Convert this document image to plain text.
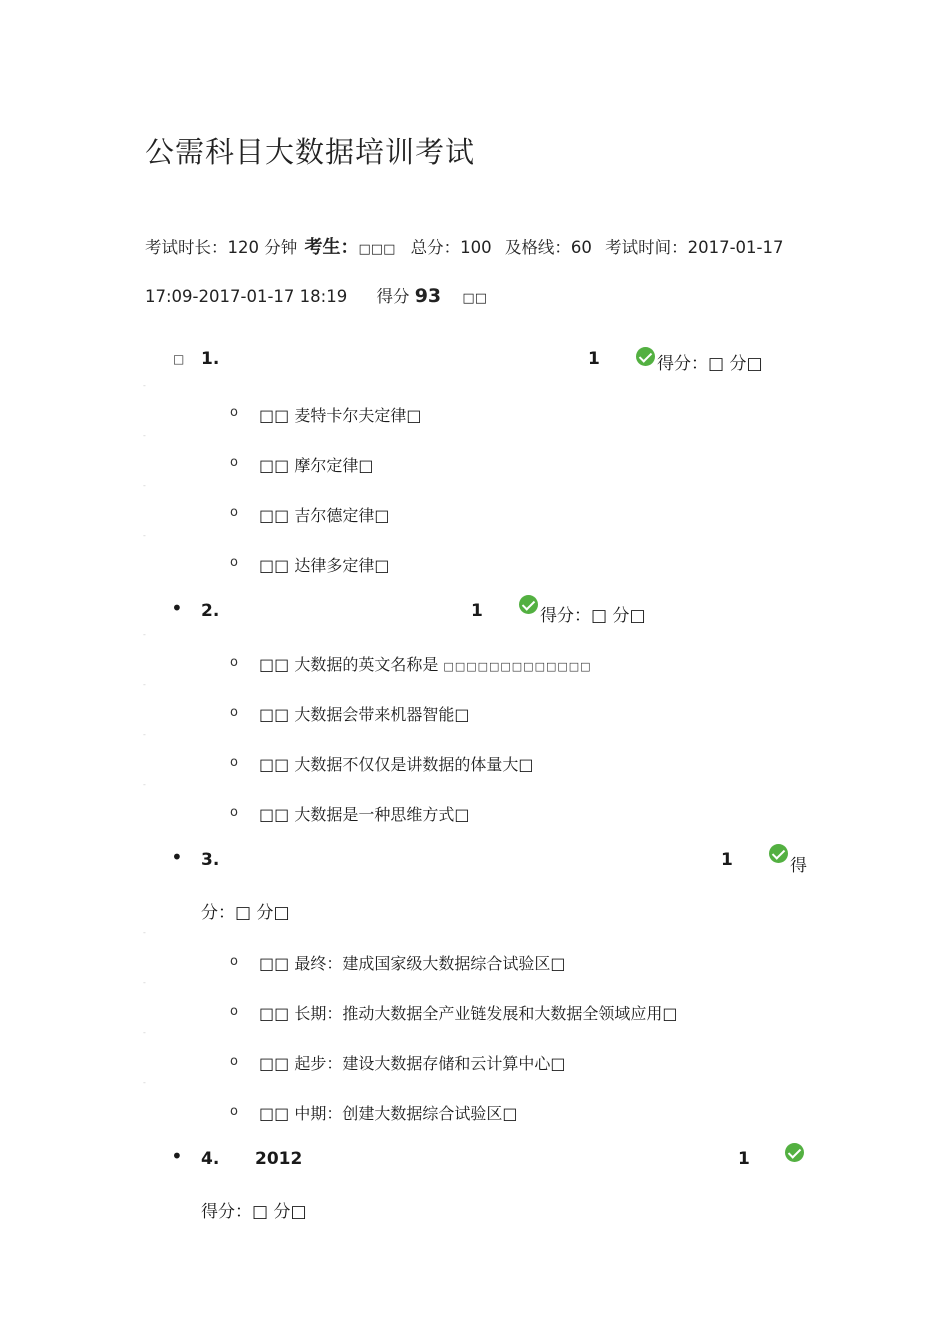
公需科目大数据培训考试
考试时长：120 分钟 考生：□□□ 总分：100 及格线：60 考试时间：2017-01-17
17:09-2017-01-17 18:19 得分 93 □□
□ 1.	1	得分：□ 分□
-
o □□ 麦特卡尔夫定律□
-
o □□ 摩尔定律□
-
o □□ 吉尔德定律□
-
o □□ 达律多定律□
• 2.	1	得分：□ 分□
-
o □□ 大数据的英文名称是 □□□□□□□□□□□□□
-
o □□ 大数据会带来机器智能□
-
o □□ 大数据不仅仅是讲数据的体量大□
-
o □□ 大数据是一种思维方式□
• 3.	1	得
分：□ 分□
-
o □□ 最终：建成国家级大数据综合试验区□
-
o □□ 长期：推动大数据全产业链发展和大数据全领域应用□
-
o □□ 起步：建设大数据存储和云计算中心□
-
o □□ 中期：创建大数据综合试验区□
• 4. 2012	1
得分：□ 分□
